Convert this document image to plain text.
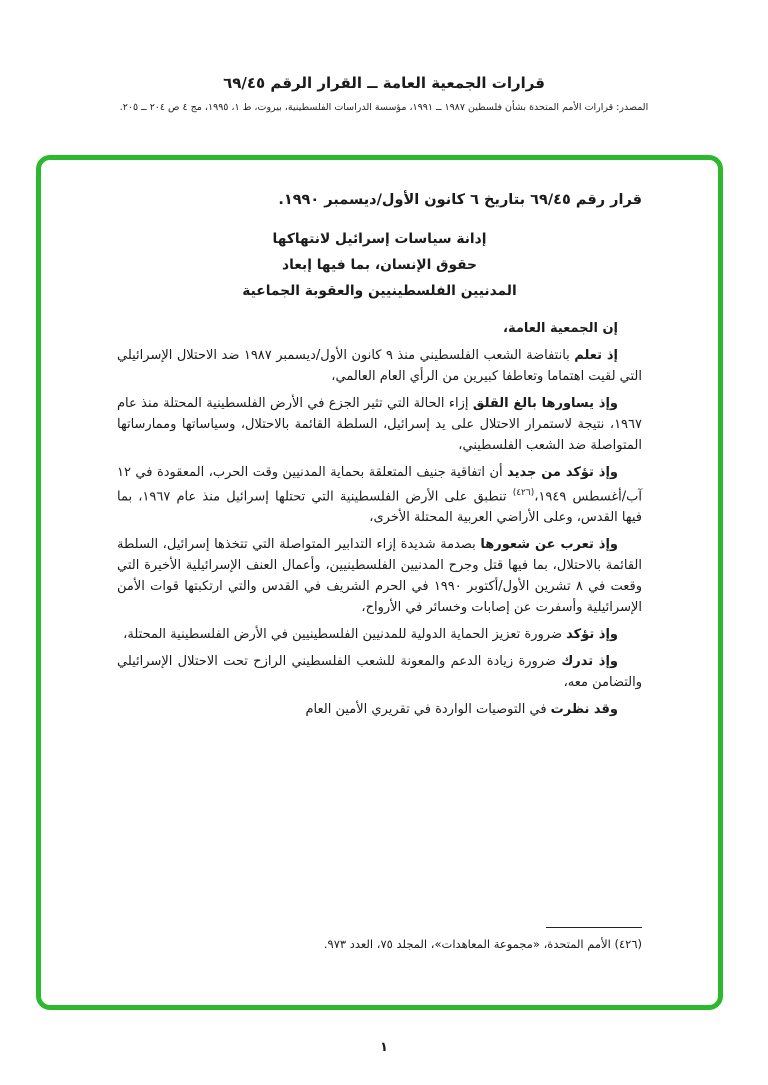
قرارات الجمعية العامة ــ القرار الرقم ٦٩/٤٥
المصدر: قرارات الأمم المتحدة بشأن فلسطين ١٩٨٧ ــ ١٩٩١، مؤسسة الدراسات الفلسطينية، بيروت، ط ١، ١٩٩٥، مج ٤ ص ٢٠٤ ــ ٢٠٥.
قرار رقم ٦٩/٤٥ بتاريخ ٦ كانون الأول/ديسمبر ١٩٩٠.
إدانة سياسات إسرائيل لانتهاكها
حقوق الإنسان، بما فيها إبعاد
المدنيين الفلسطينيين والعقوبة الجماعية

إن الجمعية العامة،

إذ تعلم بانتفاضة الشعب الفلسطيني منذ ٩ كانون الأول/ديسمبر ١٩٨٧ ضد الاحتلال الإسرائيلي التي لقيت اهتماما وتعاطفا كبيرين من الرأي العام العالمي،

وإذ يساورها بالغ القلق إزاء الحالة التي تثير الجزع في الأرض الفلسطينية المحتلة منذ عام ١٩٦٧، نتيجة لاستمرار الاحتلال على يد إسرائيل، السلطة القائمة بالاحتلال، وسياساتها وممارساتها المتواصلة ضد الشعب الفلسطيني،

وإذ تؤكد من جديد أن اتفاقية جنيف المتعلقة بحماية المدنيين وقت الحرب، المعقودة في ١٢ آب/أغسطس ١٩٤٩،$^{(٤٢٦)}$ تنطبق على الأرض الفلسطينية التي تحتلها إسرائيل منذ عام ١٩٦٧، بما فيها القدس، وعلى الأراضي العربية المحتلة الأخرى،

وإذ تعرب عن شعورها بصدمة شديدة إزاء التدابير المتواصلة التي تتخذها إسرائيل، السلطة القائمة بالاحتلال، بما فيها قتل وجرح المدنيين الفلسطينيين، وأعمال العنف الإسرائيلية الأخيرة التي وقعت في ٨ تشرين الأول/أكتوبر ١٩٩٠ في الحرم الشريف في القدس والتي ارتكبتها قوات الأمن الإسرائيلية وأسفرت عن إصابات وخسائر في الأرواح،

وإذ تؤكد ضرورة تعزيز الحماية الدولية للمدنيين الفلسطينيين في الأرض الفلسطينية المحتلة،

وإذ تدرك ضرورة زيادة الدعم والمعونة للشعب الفلسطيني الرازح تحت الاحتلال الإسرائيلي والتضامن معه،

وقد نظرت في التوصيات الواردة في تقريري الأمين العام

(٤٢٦) الأمم المتحدة، «مجموعة المعاهدات»، المجلد ٧٥، العدد ٩٧٣.
١
